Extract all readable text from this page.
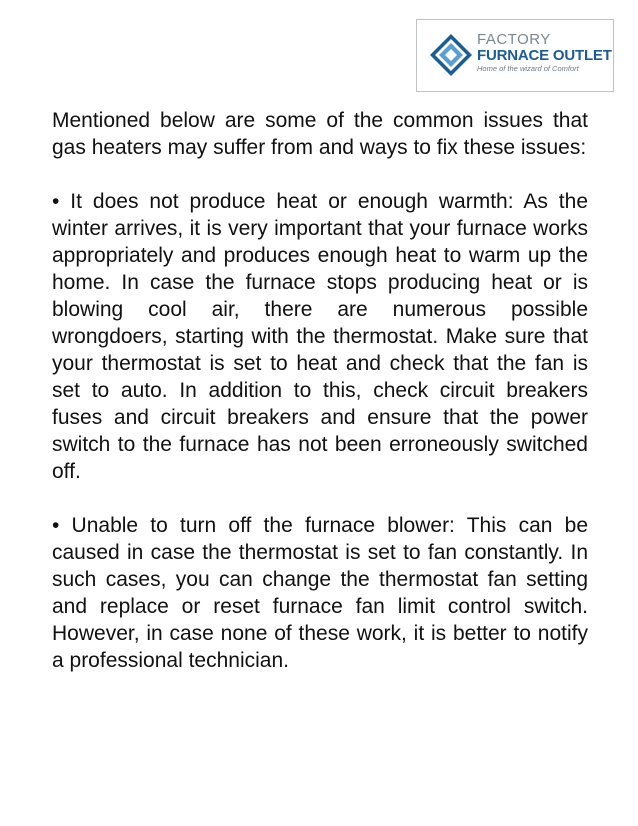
FACTORY
FURNACE OUTLET
Home of the wizard of Comfort

Mentioned below are some of the common issues that gas heaters may suffer from and ways to fix these issues:

• It does not produce heat or enough warmth: As the winter arrives, it is very important that your furnace works appropriately and produces enough heat to warm up the home. In case the furnace stops producing heat or is blowing cool air, there are numerous possible wrongdoers, starting with the thermostat. Make sure that your thermostat is set to heat and check that the fan is set to auto. In addition to this, check circuit breakers fuses and circuit breakers and ensure that the power switch to the furnace has not been erroneously switched off.

• Unable to turn off the furnace blower: This can be caused in case the thermostat is set to fan constantly. In such cases, you can change the thermostat fan setting and replace or reset furnace fan limit control switch. However, in case none of these work, it is better to notify a professional technician.
